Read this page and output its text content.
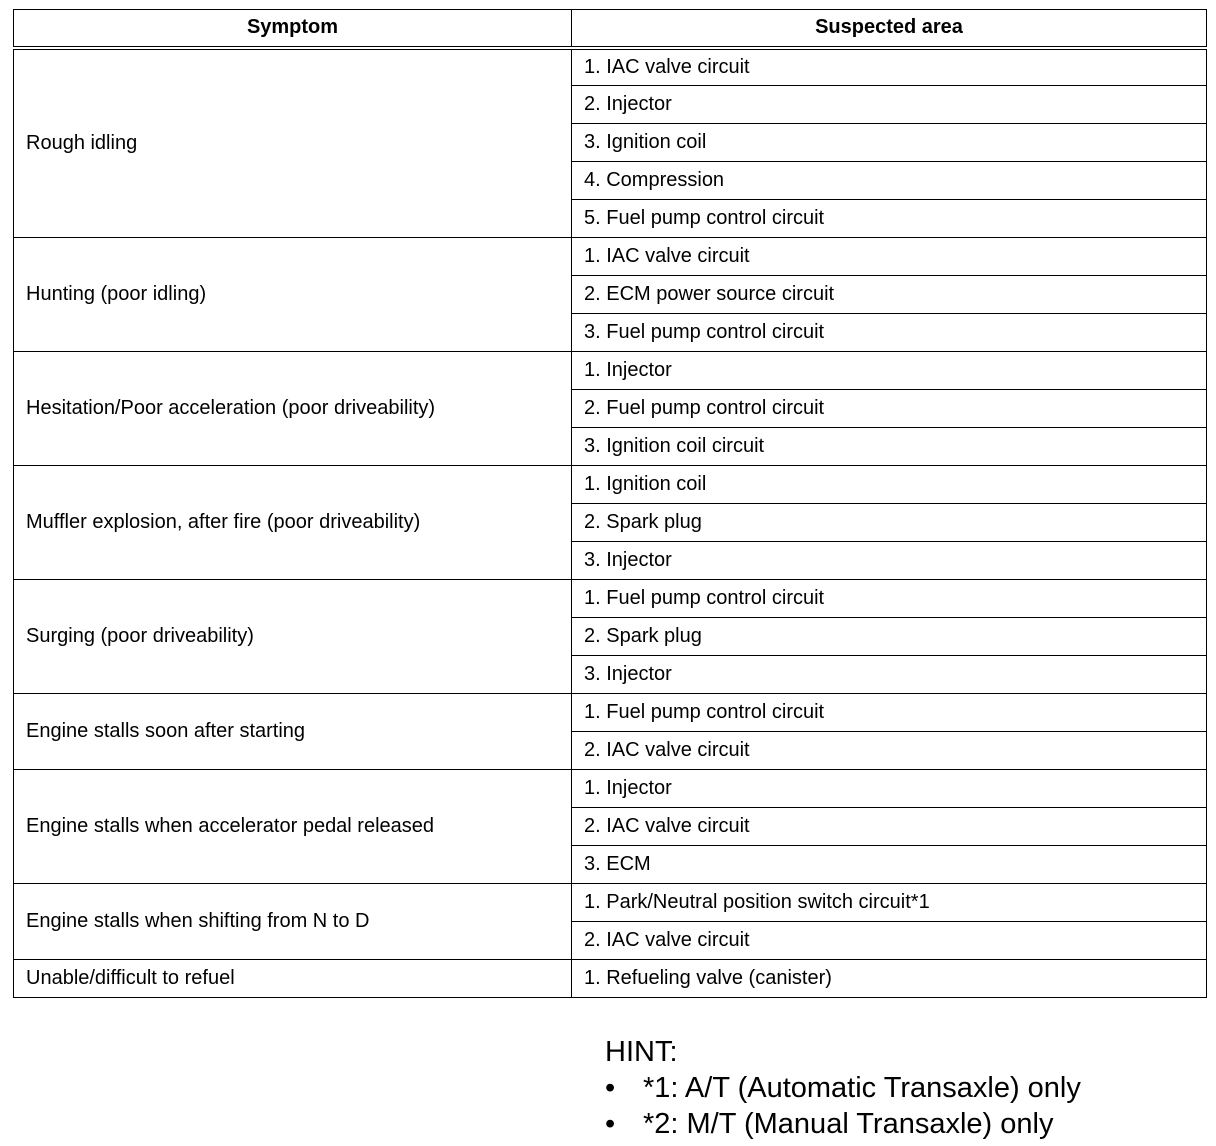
Symptom	Suspected area
Rough idling	1. IAC valve circuit
	2. Injector
	3. Ignition coil
	4. Compression
	5. Fuel pump control circuit
Hunting (poor idling)	1. IAC valve circuit
	2. ECM power source circuit
	3. Fuel pump control circuit
Hesitation/Poor acceleration (poor driveability)	1. Injector
	2. Fuel pump control circuit
	3. Ignition coil circuit
Muffler explosion, after fire (poor driveability)	1. Ignition coil
	2. Spark plug
	3. Injector
Surging (poor driveability)	1. Fuel pump control circuit
	2. Spark plug
	3. Injector
Engine stalls soon after starting	1. Fuel pump control circuit
	2. IAC valve circuit
Engine stalls when accelerator pedal released	1. Injector
	2. IAC valve circuit
	3. ECM
Engine stalls when shifting from N to D	1. Park/Neutral position switch circuit*1
	2. IAC valve circuit
Unable/difficult to refuel	1. Refueling valve (canister)
HINT:
• *1: A/T (Automatic Transaxle) only
• *2: M/T (Manual Transaxle) only
